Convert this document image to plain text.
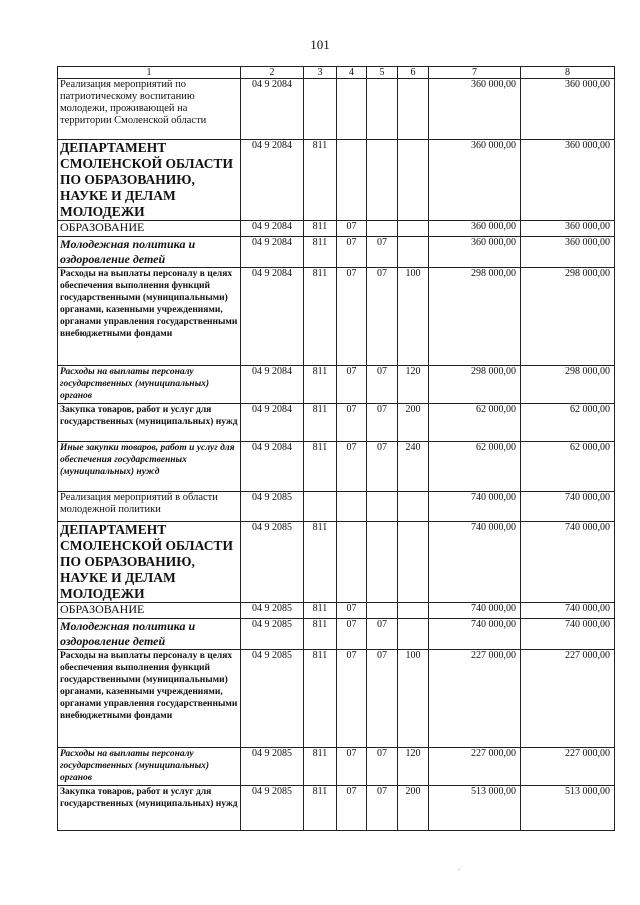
101
1	2	3	4	5	6	7	8
Реализация мероприятий по патриотическому воспитанию молодежи, проживающей на территории Смоленской области	04 9 2084					360 000,00	360 000,00
ДЕПАРТАМЕНТ СМОЛЕНСКОЙ ОБЛАСТИ ПО ОБРАЗОВАНИЮ, НАУКЕ И ДЕЛАМ МОЛОДЕЖИ	04 9 2084	811				360 000,00	360 000,00
ОБРАЗОВАНИЕ	04 9 2084	811	07			360 000,00	360 000,00
Молодежная политика и оздоровление детей	04 9 2084	811	07	07		360 000,00	360 000,00
Расходы на выплаты персоналу в целях обеспечения выполнения функций государственными (муниципальными) органами, казенными учреждениями, органами управления государственными внебюджетными фондами	04 9 2084	811	07	07	100	298 000,00	298 000,00
Расходы на выплаты персоналу государственных (муниципальных) органов	04 9 2084	811	07	07	120	298 000,00	298 000,00
Закупка товаров, работ и услуг для государственных (муниципальных) нужд	04 9 2084	811	07	07	200	62 000,00	62 000,00
Иные закупки товаров, работ и услуг для обеспечения государственных (муниципальных) нужд	04 9 2084	811	07	07	240	62 000,00	62 000,00
Реализация мероприятий в области молодежной политики	04 9 2085					740 000,00	740 000,00
ДЕПАРТАМЕНТ СМОЛЕНСКОЙ ОБЛАСТИ ПО ОБРАЗОВАНИЮ, НАУКЕ И ДЕЛАМ МОЛОДЕЖИ	04 9 2085	811				740 000,00	740 000,00
ОБРАЗОВАНИЕ	04 9 2085	811	07			740 000,00	740 000,00
Молодежная политика и оздоровление детей	04 9 2085	811	07	07		740 000,00	740 000,00
Расходы на выплаты персоналу в целях обеспечения выполнения функций государственными (муниципальными) органами, казенными учреждениями, органами управления государственными внебюджетными фондами	04 9 2085	811	07	07	100	227 000,00	227 000,00
Расходы на выплаты персоналу государственных (муниципальных) органов	04 9 2085	811	07	07	120	227 000,00	227 000,00
Закупка товаров, работ и услуг для государственных (муниципальных) нужд	04 9 2085	811	07	07	200	513 000,00	513 000,00
.
